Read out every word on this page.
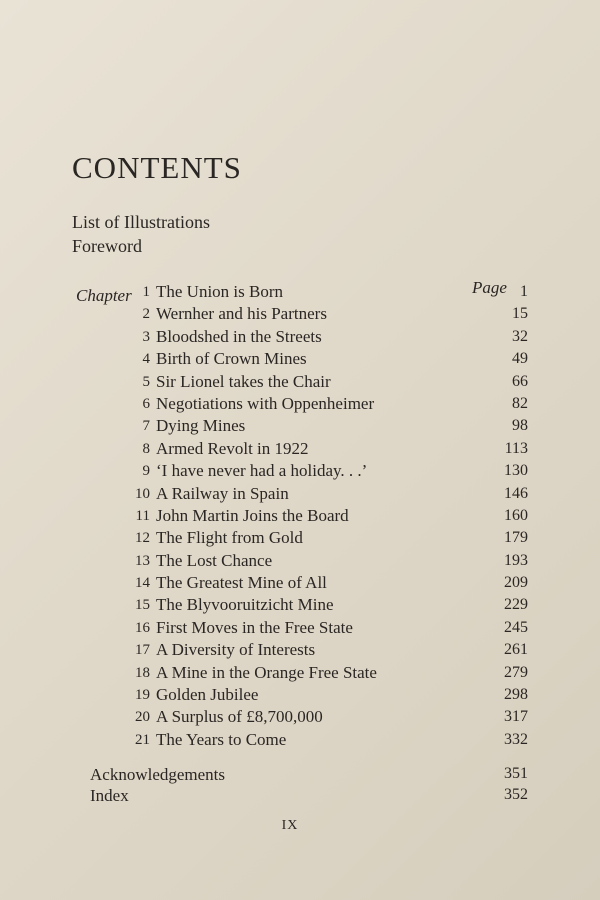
CONTENTS
List of Illustrations
Foreword
Chapter	Page
1 The Union is Born	1
2 Wernher and his Partners	15
3 Bloodshed in the Streets	32
4 Birth of Crown Mines	49
5 Sir Lionel takes the Chair	66
6 Negotiations with Oppenheimer	82
7 Dying Mines	98
8 Armed Revolt in 1922	113
9 ‘I have never had a holiday. . .’	130
10 A Railway in Spain	146
11 John Martin Joins the Board	160
12 The Flight from Gold	179
13 The Lost Chance	193
14 The Greatest Mine of All	209
15 The Blyvooruitzicht Mine	229
16 First Moves in the Free State	245
17 A Diversity of Interests	261
18 A Mine in the Orange Free State	279
19 Golden Jubilee	298
20 A Surplus of £8,700,000	317
21 The Years to Come	332
Acknowledgements	351
Index	352
IX
